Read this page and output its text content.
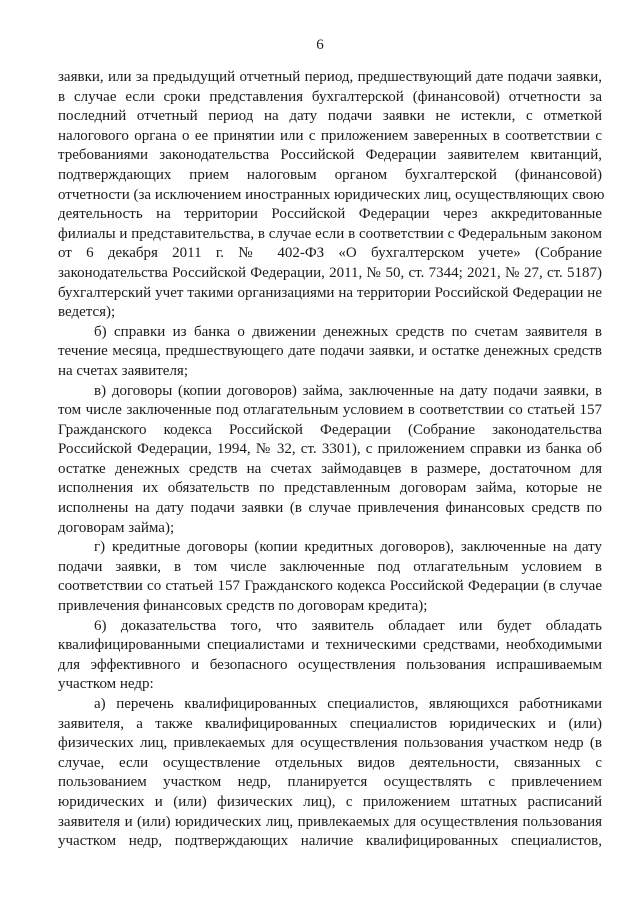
6
заявки, или за предыдущий отчетный период, предшествующий дате подачи заявки,
в случае если сроки представления бухгалтерской (финансовой) отчетности за
последний отчетный период на дату подачи заявки не истекли, с отметкой
налогового органа о ее принятии или с приложением заверенных в соответствии с
требованиями законодательства Российской Федерации заявителем квитанций,
подтверждающих прием налоговым органом бухгалтерской (финансовой)
отчетности (за исключением иностранных юридических лиц, осуществляющих свою
деятельность на территории Российской Федерации через аккредитованные
филиалы и представительства, в случае если в соответствии с Федеральным законом
от 6 декабря 2011 г. № 402-ФЗ «О бухгалтерском учете» (Собрание
законодательства Российской Федерации, 2011, № 50, ст. 7344; 2021, № 27, ст. 5187)
бухгалтерский учет такими организациями на территории Российской Федерации не
ведется);
б) справки из банка о движении денежных средств по счетам заявителя в
течение месяца, предшествующего дате подачи заявки, и остатке денежных средств
на счетах заявителя;
в) договоры (копии договоров) займа, заключенные на дату подачи заявки, в
том числе заключенные под отлагательным условием в соответствии со статьей 157
Гражданского кодекса Российской Федерации (Собрание законодательства
Российской Федерации, 1994, № 32, ст. 3301), с приложением справки из банка об
остатке денежных средств на счетах займодавцев в размере, достаточном для
исполнения их обязательств по представленным договорам займа, которые не
исполнены на дату подачи заявки (в случае привлечения финансовых средств по
договорам займа);
г) кредитные договоры (копии кредитных договоров), заключенные на дату
подачи заявки, в том числе заключенные под отлагательным условием в
соответствии со статьей 157 Гражданского кодекса Российской Федерации (в случае
привлечения финансовых средств по договорам кредита);
6) доказательства того, что заявитель обладает или будет обладать
квалифицированными специалистами и техническими средствами, необходимыми
для эффективного и безопасного осуществления пользования испрашиваемым
участком недр:
а) перечень квалифицированных специалистов, являющихся работниками
заявителя, а также квалифицированных специалистов юридических и (или)
физических лиц, привлекаемых для осуществления пользования участком недр (в
случае, если осуществление отдельных видов деятельности, связанных с
пользованием участком недр, планируется осуществлять с привлечением
юридических и (или) физических лиц), с приложением штатных расписаний
заявителя и (или) юридических лиц, привлекаемых для осуществления пользования
участком недр, подтверждающих наличие квалифицированных специалистов,
